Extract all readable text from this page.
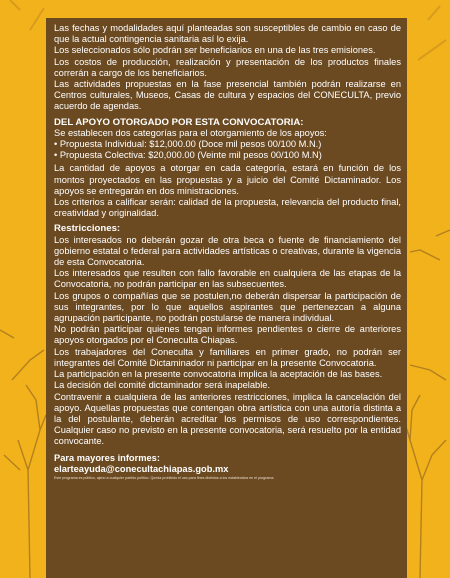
Las fechas y modalidades aquí planteadas son susceptibles de cambio en caso de que la actual contingencia sanitaria así lo exija.

Los seleccionados sólo podrán ser beneficiarios en una de las tres emisiones.

Los costos de producción, realización y presentación de los productos finales correrán a cargo de los beneficiarios.

Las actividades propuestas en la fase presencial también podrán realizarse en Centros culturales, Museos, Casas de cultura y espacios del CONECULTA, previo acuerdo de agendas.

DEL APOYO OTORGADO POR ESTA CONVOCATORIA:

Se establecen dos categorías para el otorgamiento de los apoyos:

• Propuesta Individual: $12,000.00 (Doce mil pesos 00/100 M.N.)

• Propuesta Colectiva: $20,000.00 (Veinte mil pesos 00/100 M.N)

La cantidad de apoyos a otorgar en cada categoría, estará en función de los montos proyectados en las propuestas y a juicio del Comité Dictaminador. Los apoyos se entregarán en dos ministraciones.

Los criterios a calificar serán: calidad de la propuesta, relevancia del producto final, creatividad y originalidad.

Restricciones:

Los interesados no deberán gozar de otra beca o fuente de financiamiento del gobierno estatal o federal para actividades artísticas o creativas, durante la vigencia de esta Convocatoria.

Los interesados que resulten con fallo favorable en cualquiera de las etapas de la Convocatoria, no podrán participar en las subsecuentes.

Los grupos o compañías que se postulen,no deberán dispersar la participación de sus integrantes, por lo que aquellos aspirantes que pertenezcan a alguna agrupación participante, no podrán postularse de manera individual.

No podrán participar quienes tengan informes pendientes o cierre de anteriores apoyos otorgados por el Conecult​a Chiapas.

Los trabajadores del Conecult​a y familiares en primer grado, no podrán ser integrantes del Comité Dictaminador ni participar en la presente Convocatoria.

La participación en la presente convocatoria implica la aceptación de las bases.

La decisión del comité dictaminador será inapelable.

Contravenir a cualquiera de las anteriores restricciones, implica la cancelación del apoyo. Aquellas propuestas que contengan obra artística con una autoría distinta a la del postulante, deberán acreditar los permisos de uso correspondientes. Cualquier caso no previsto en la presente convocatoria, será resuelto por la entidad convocante.

Para mayores informes:

elarteayuda@conecultachiapas.gob.mx

Este programa es público, ajeno a cualquier partido político. Queda prohibido el uso para fines distintos a los establecidos en el programa.
